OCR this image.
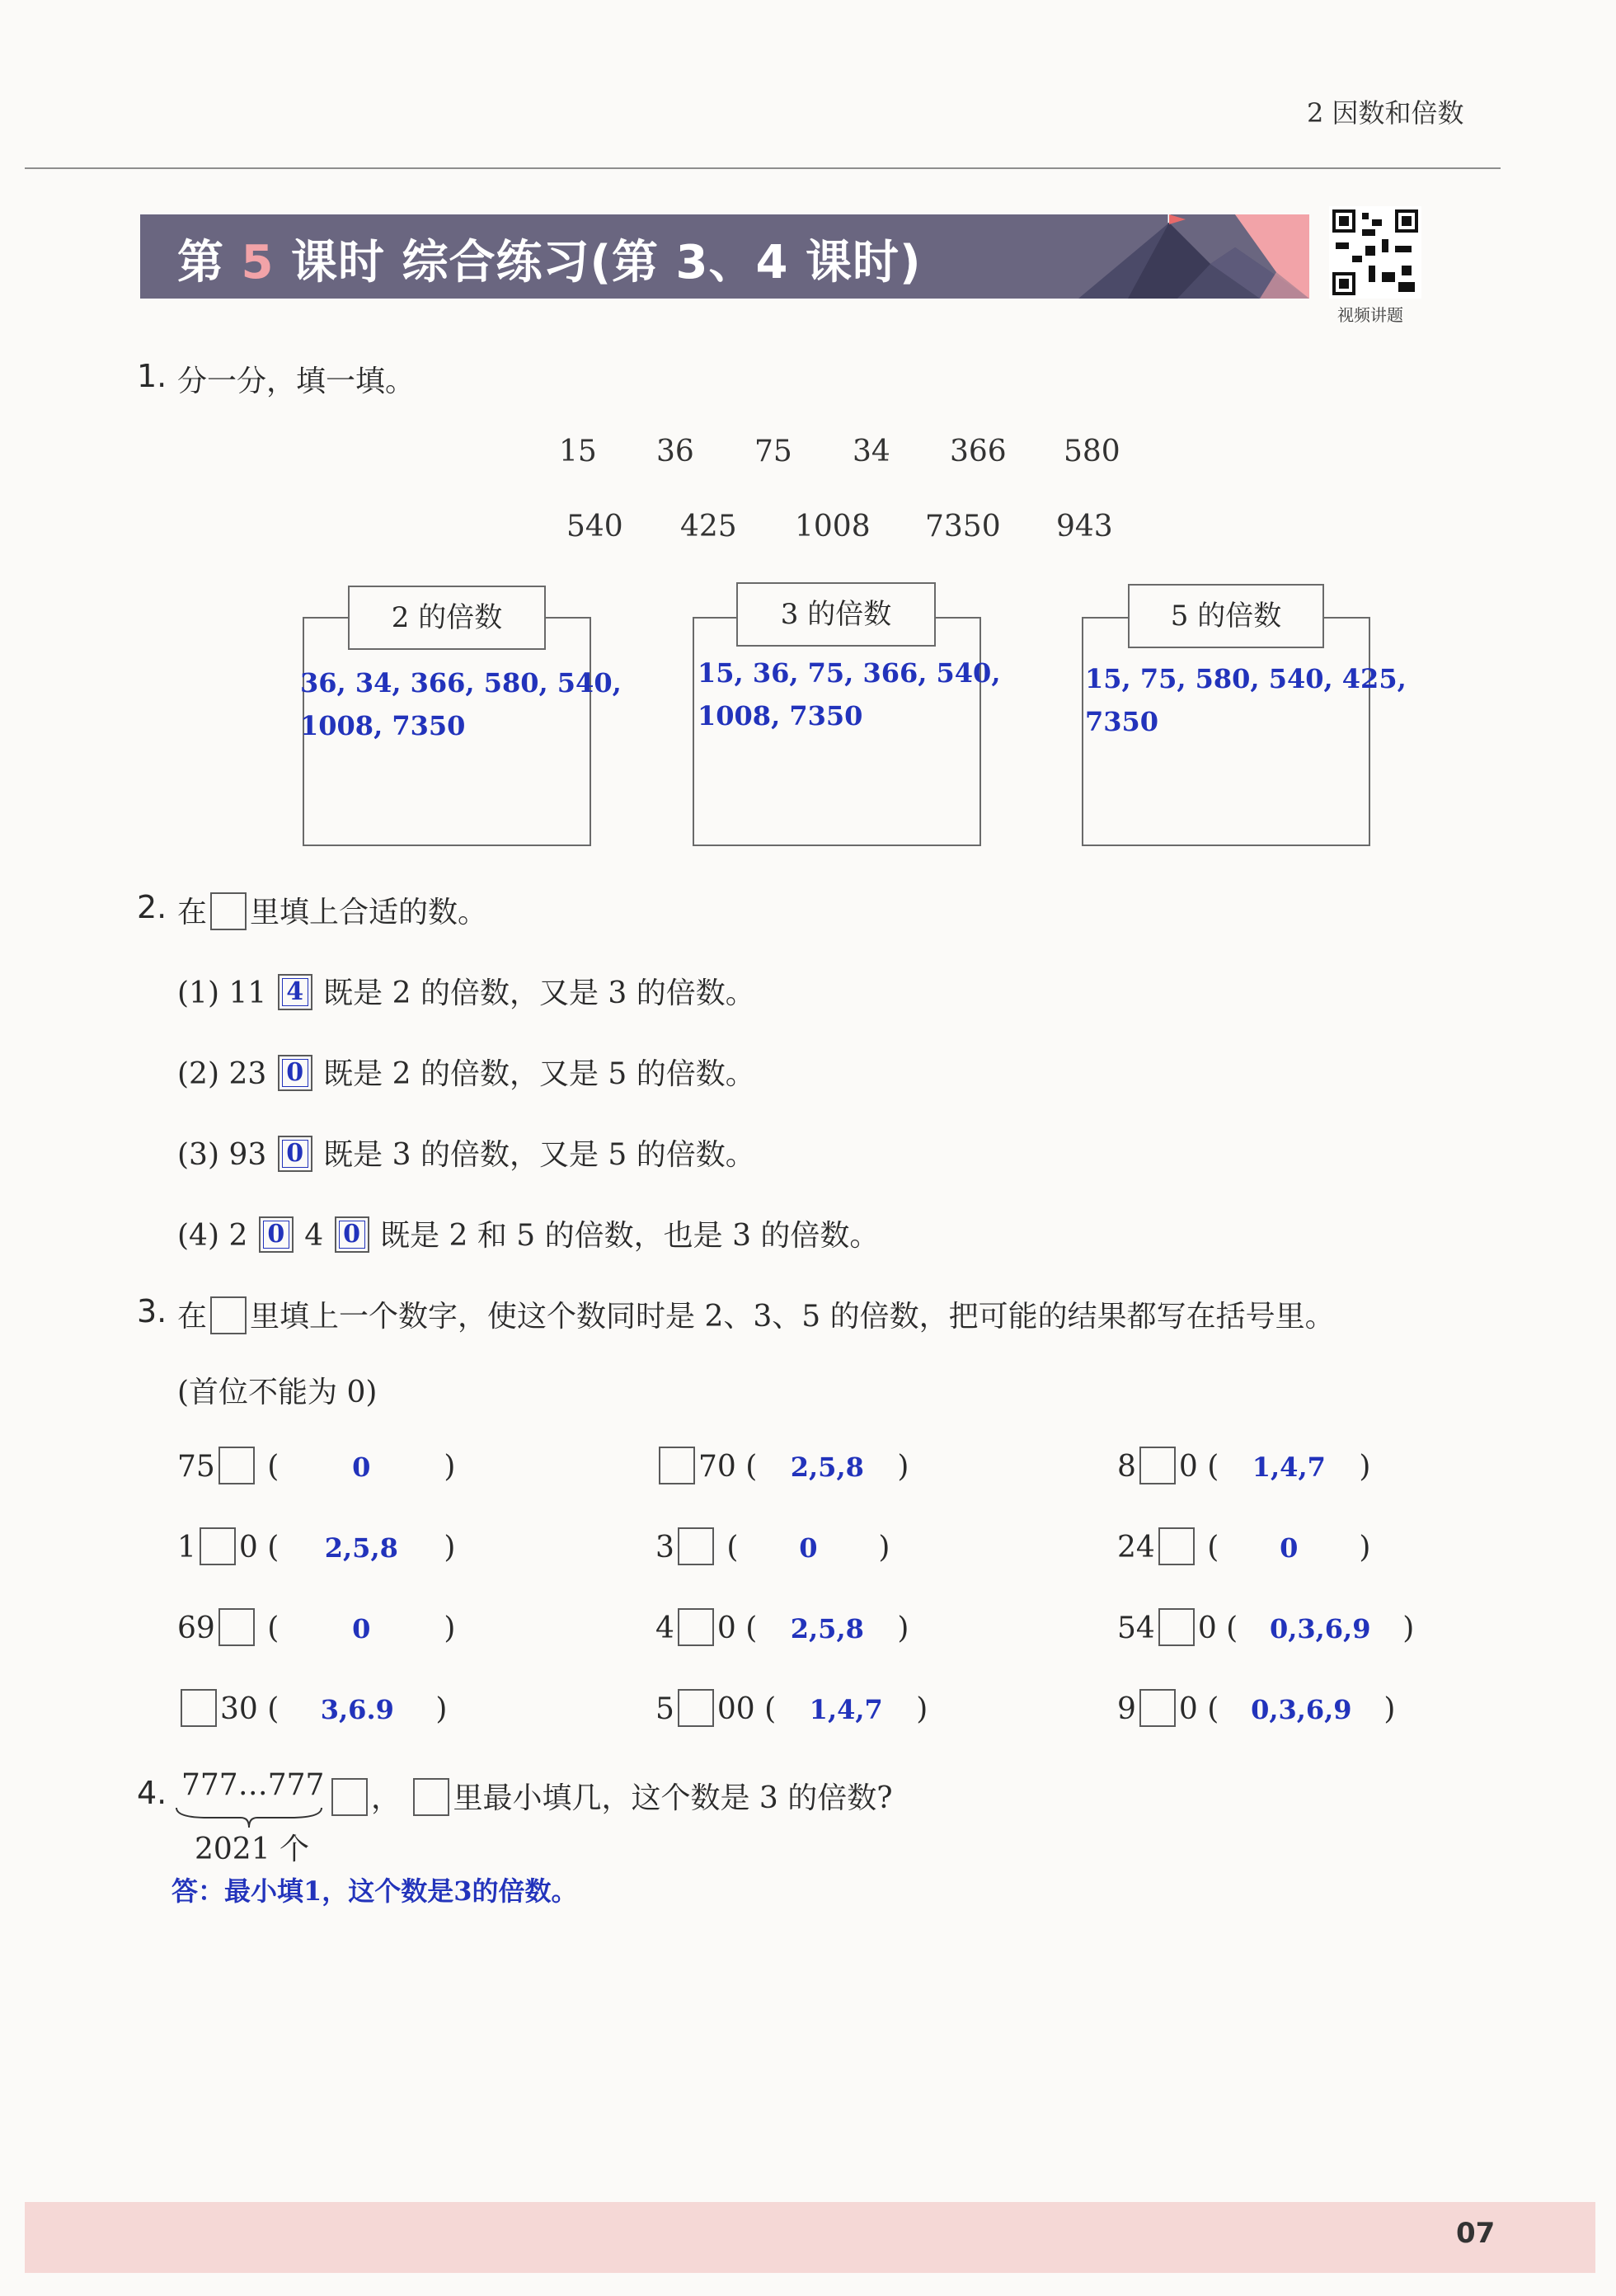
2 因数和倍数
第 5 课时 综合练习(第 3、4 课时)
视频讲题
1. 分一分，填一填。
15 36 75 34 366 580
540 425 1008 7350 943
2 的倍数
36, 34, 366, 580, 540, 1008, 7350
3 的倍数
15, 36, 75, 366, 540, 1008, 7350
5 的倍数
15, 75, 580, 540, 425, 7350
2. 在 里填上合适的数。
(1) 11 4 既是 2 的倍数，又是 3 的倍数。
(2) 23 0 既是 2 的倍数，又是 5 的倍数。
(3) 93 0 既是 3 的倍数，又是 5 的倍数。
(4) 2 0 4 0 既是 2 和 5 的倍数，也是 3 的倍数。
3. 在 里填上一个数字，使这个数同时是 2、3、5 的倍数，把可能的结果都写在括号里。
(首位不能为 0)
75 (	0 )	70 ( 2,5,8 )	8 0 ( 1,4,7 )
1 0 ( 2,5,8 )	3 ( 0 )	24 ( 0 )
69 (	0 )	4 0 ( 2,5,8 )	54 0 ( 0,3,6,9 )
30 ( 3,6.9 )	5 00 ( 1,4,7 )	9 0 ( 0,3,6,9 )
4. 777…777
2021 个
， 里最小填几，这个数是 3 的倍数?
答：最小填1，这个数是3的倍数。
07
